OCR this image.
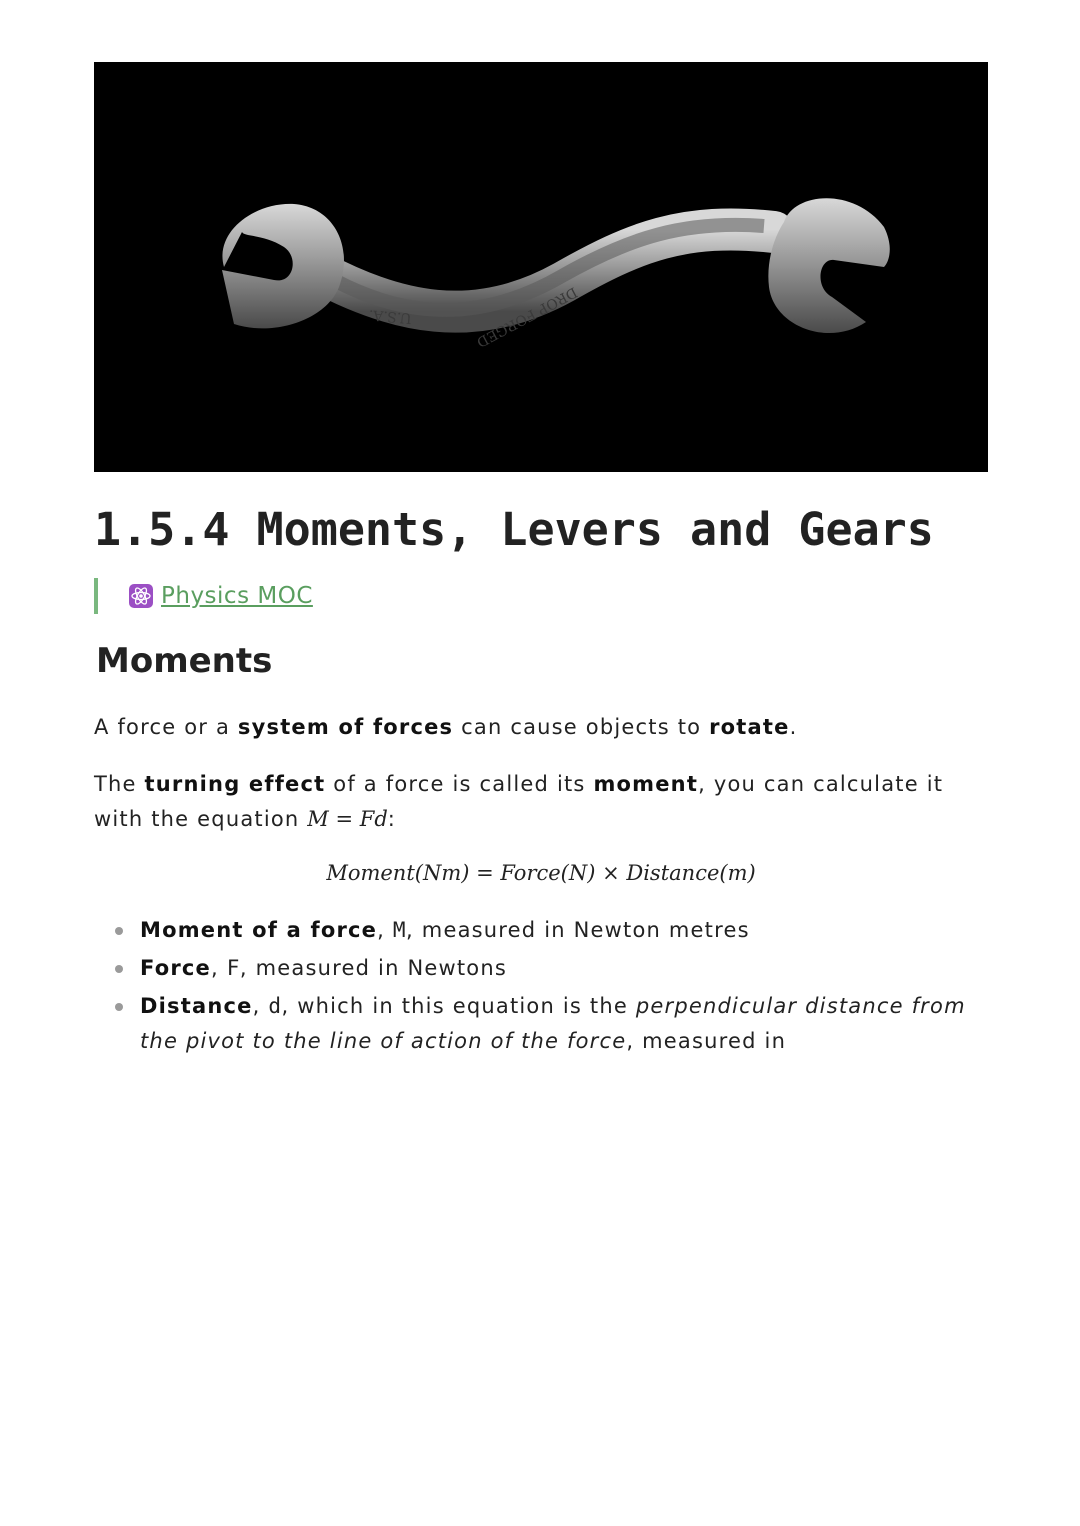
U.S.A.	DROP FORGED
1.5.4 Moments, Levers and Gears
Physics MOC
Moments

A force or a system of forces can cause objects to rotate.

The turning effect of a force is called its moment, you can calculate it with the equation M = Fd:

Moment(Nm) = Force(N) × Distance(m)
Moment of a force, M, measured in Newton metres
Force, F, measured in Newtons
Distance, d, which in this equation is the perpendicular distance from the pivot to the line of action of the force, measured in
